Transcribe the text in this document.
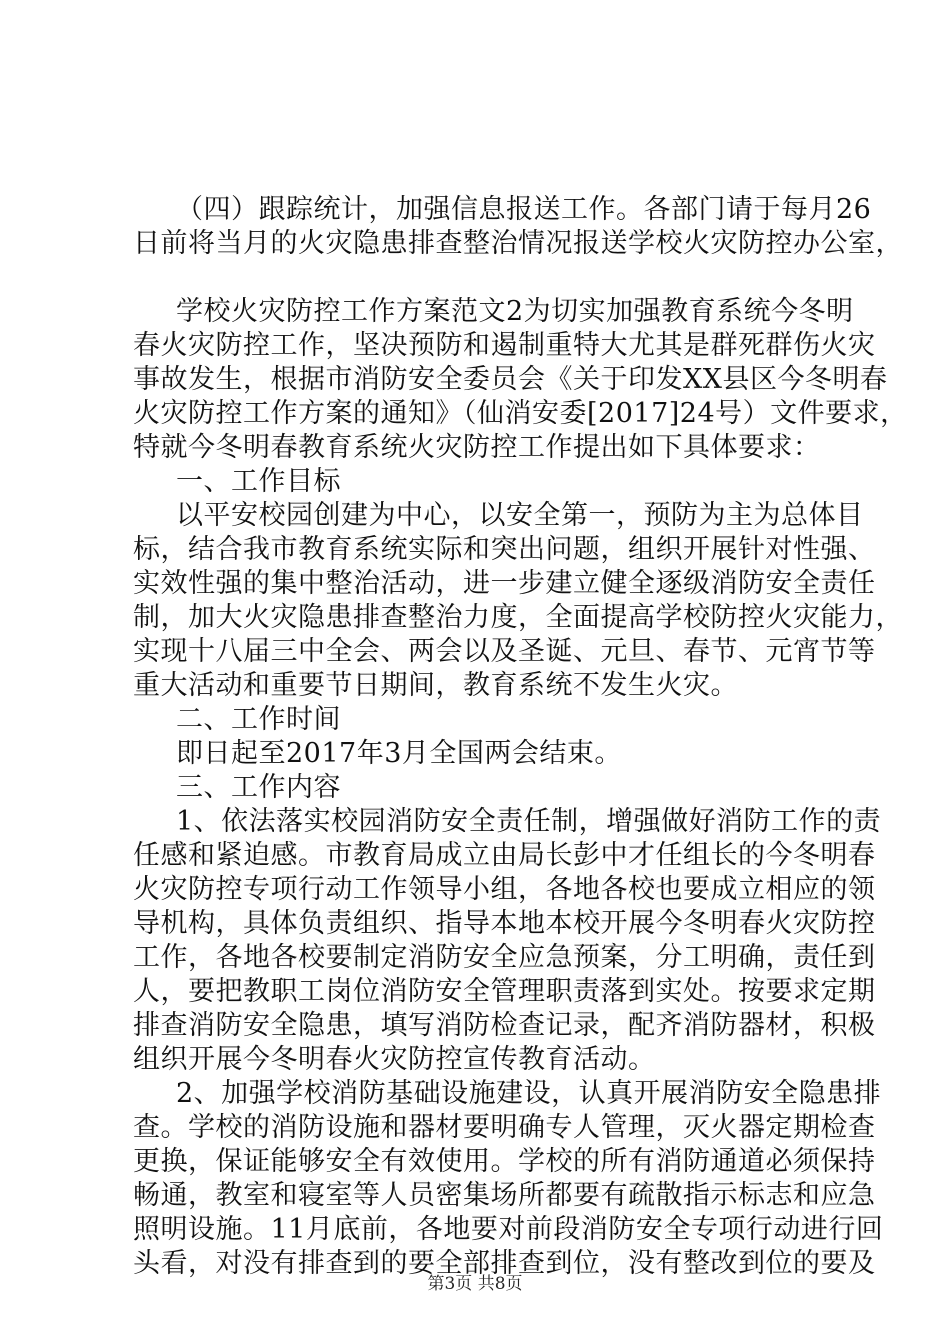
（四）跟踪统计，加强信息报送工作。各部门请于每月26
日前将当月的火灾隐患排查整治情况报送学校火灾防控办公室，
学校火灾防控工作方案范文2为切实加强教育系统今冬明
春火灾防控工作，坚决预防和遏制重特大尤其是群死群伤火灾
事故发生，根据市消防安全委员会《关于印发XX县区今冬明春
火灾防控工作方案的通知》（仙消安委[2017]24号）文件要求，
特就今冬明春教育系统火灾防控工作提出如下具体要求：
一、工作目标
以平安校园创建为中心，以安全第一，预防为主为总体目
标，结合我市教育系统实际和突出问题，组织开展针对性强、
实效性强的集中整治活动，进一步建立健全逐级消防安全责任
制，加大火灾隐患排查整治力度，全面提高学校防控火灾能力，
实现十八届三中全会、两会以及圣诞、元旦、春节、元宵节等
重大活动和重要节日期间，教育系统不发生火灾。
二、工作时间
即日起至2017年3月全国两会结束。
三、工作内容
1、依法落实校园消防安全责任制，增强做好消防工作的责
任感和紧迫感。市教育局成立由局长彭中才任组长的今冬明春
火灾防控专项行动工作领导小组，各地各校也要成立相应的领
导机构，具体负责组织、指导本地本校开展今冬明春火灾防控
工作，各地各校要制定消防安全应急预案，分工明确，责任到
人，要把教职工岗位消防安全管理职责落到实处。按要求定期
排查消防安全隐患，填写消防检查记录，配齐消防器材，积极
组织开展今冬明春火灾防控宣传教育活动。
2、加强学校消防基础设施建设，认真开展消防安全隐患排
查。学校的消防设施和器材要明确专人管理，灭火器定期检查
更换，保证能够安全有效使用。学校的所有消防通道必须保持
畅通，教室和寝室等人员密集场所都要有疏散指示标志和应急
照明设施。11月底前，各地要对前段消防安全专项行动进行回
头看，对没有排查到的要全部排查到位，没有整改到位的要及
第3页 共8页
